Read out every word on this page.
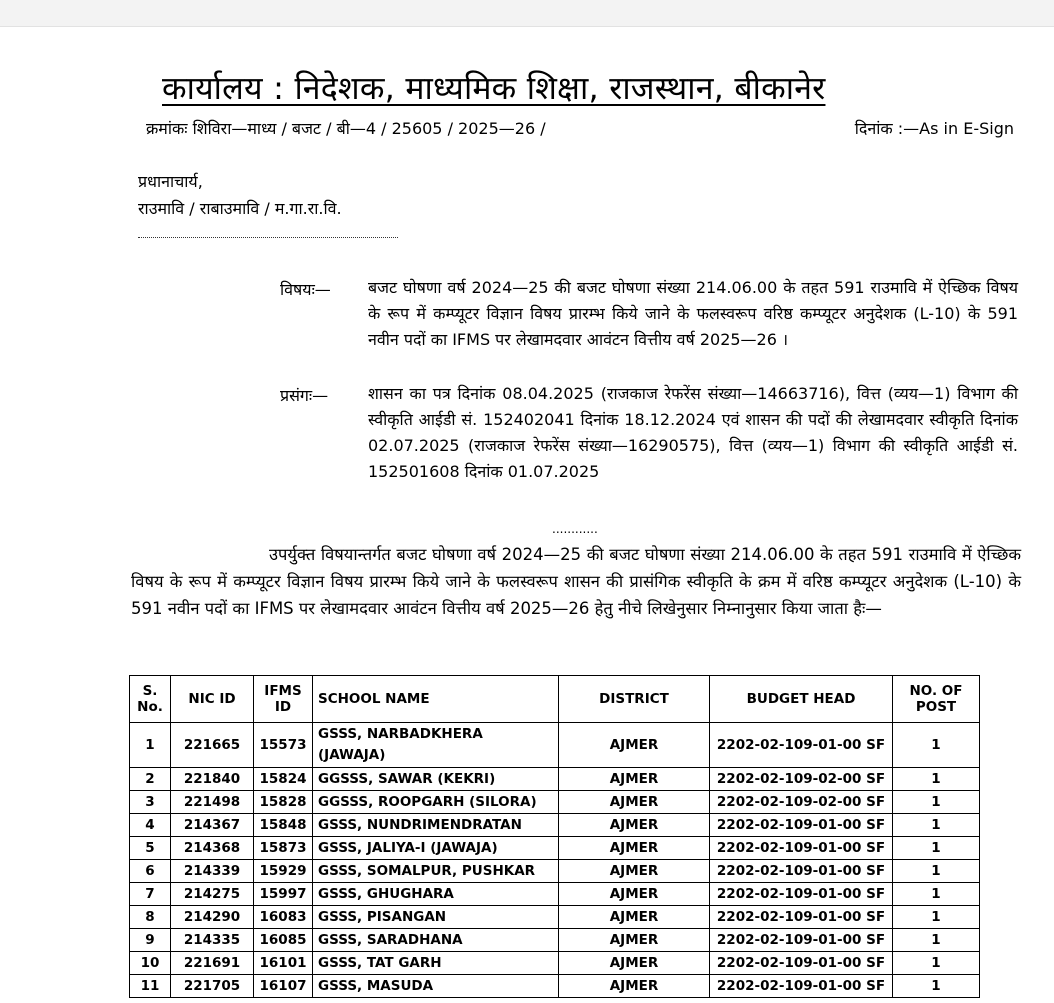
कार्यालय : निदेशक, माध्यमिक शिक्षा, राजस्थान, बीकानेर
क्रमांकः शिविरा—माध्य / बजट / बी—4 / 25605 / 2025—26 /	दिनांक :—As in E-Sign
प्रधानाचार्य,
राउमावि / राबाउमावि / म.गा.रा.वि.
विषयः— बजट घोषणा वर्ष 2024—25 की बजट घोषणा संख्या 214.06.00 के तहत 591 राउमावि में ऐच्छिक विषय के रूप में कम्प्यूटर विज्ञान विषय प्रारम्भ किये जाने के फलस्वरूप वरिष्ठ कम्प्यूटर अनुदेशक (L-10) के 591 नवीन पदों का IFMS पर लेखामदवार आवंटन वित्तीय वर्ष 2025—26 ।
प्रसंगः— शासन का पत्र दिनांक 08.04.2025 (राजकाज रेफरेंस संख्या—14663716), वित्त (व्यय—1) विभाग की स्वीकृति आईडी सं. 152402041 दिनांक 18.12.2024 एवं शासन की पदों की लेखामदवार स्वीकृति दिनांक 02.07.2025 (राजकाज रेफरेंस संख्या—16290575), वित्त (व्यय—1) विभाग की स्वीकृति आईडी सं. 152501608 दिनांक 01.07.2025
............
उपर्युक्त विषयान्तर्गत बजट घोषणा वर्ष 2024—25 की बजट घोषणा संख्या 214.06.00 के तहत 591 राउमावि में ऐच्छिक विषय के रूप में कम्प्यूटर विज्ञान विषय प्रारम्भ किये जाने के फलस्वरूप शासन की प्रासंगिक स्वीकृति के क्रम में वरिष्ठ कम्प्यूटर अनुदेशक (L-10) के 591 नवीन पदों का IFMS पर लेखामदवार आवंटन वित्तीय वर्ष 2025—26 हेतु नीचे लिखेनुसार निम्नानुसार किया जाता हैः—
S. No.	NIC ID	IFMS ID	SCHOOL NAME	DISTRICT	BUDGET HEAD	NO. OF POST
1	221665	15573	GSSS, NARBADKHERA (JAWAJA)	AJMER	2202-02-109-01-00 SF	1
2	221840	15824	GGSSS, SAWAR (KEKRI)	AJMER	2202-02-109-02-00 SF	1
3	221498	15828	GGSSS, ROOPGARH (SILORA)	AJMER	2202-02-109-02-00 SF	1
4	214367	15848	GSSS, NUNDRIMENDRATAN	AJMER	2202-02-109-01-00 SF	1
5	214368	15873	GSSS, JALIYA-I (JAWAJA)	AJMER	2202-02-109-01-00 SF	1
6	214339	15929	GSSS, SOMALPUR, PUSHKAR	AJMER	2202-02-109-01-00 SF	1
7	214275	15997	GSSS, GHUGHARA	AJMER	2202-02-109-01-00 SF	1
8	214290	16083	GSSS, PISANGAN	AJMER	2202-02-109-01-00 SF	1
9	214335	16085	GSSS, SARADHANA	AJMER	2202-02-109-01-00 SF	1
10	221691	16101	GSSS, TAT GARH	AJMER	2202-02-109-01-00 SF	1
11	221705	16107	GSSS, MASUDA	AJMER	2202-02-109-01-00 SF	1
